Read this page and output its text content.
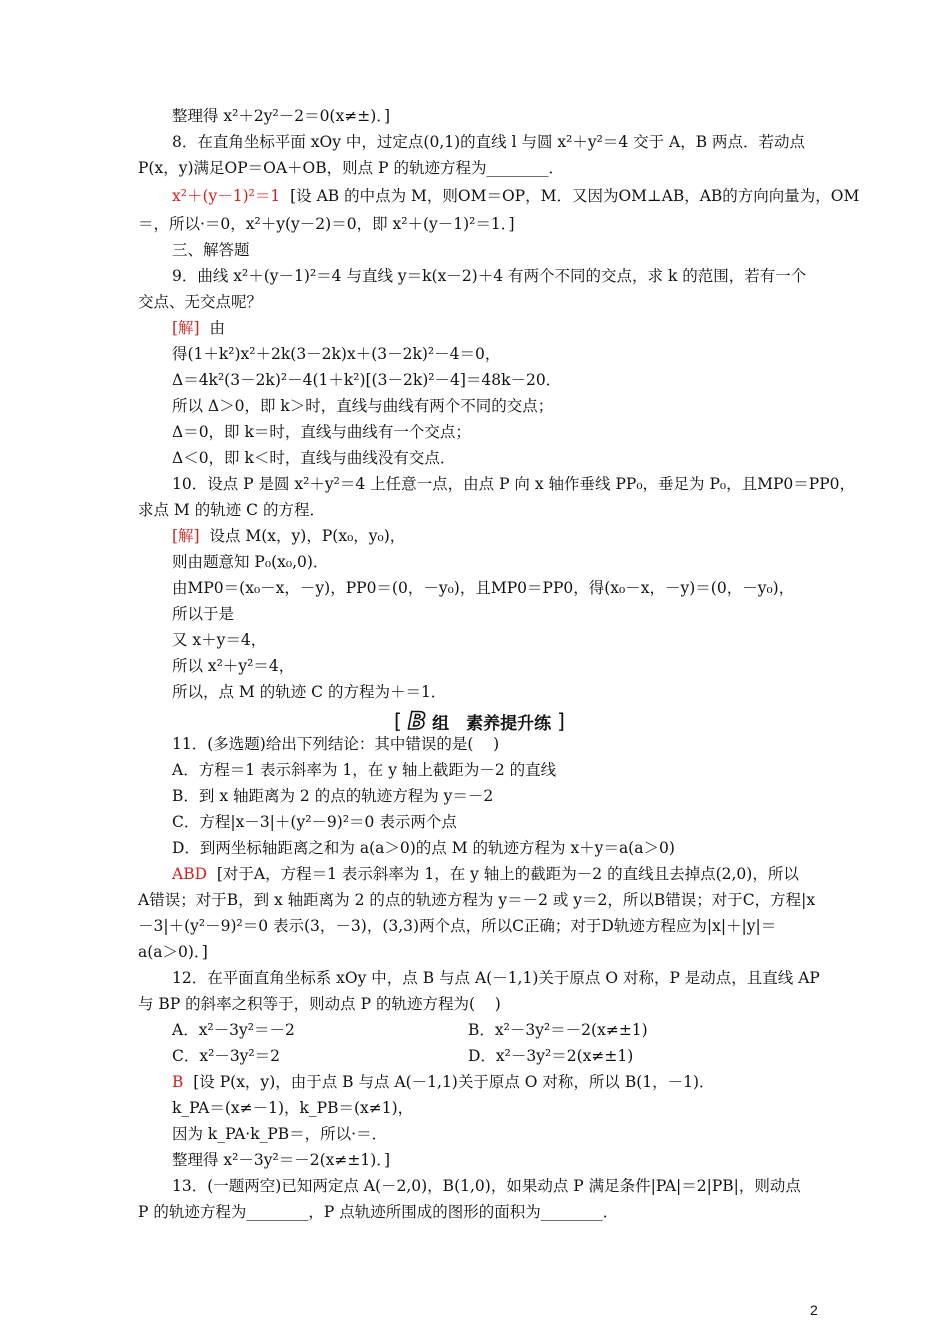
整理得 x²＋2y²－2＝0(x≠±)．]
8．在直角坐标平面 xOy 中，过定点(0,1)的直线 l 与圆 x²＋y²＝4 交于 A，B 两点．若动点
P(x，y)满足OP＝OA＋OB，则点 P 的轨迹方程为________．
x²＋(y－1)²＝1  [设 AB 的中点为 M，则OM＝OP，M．又因为OM⊥AB，AB的方向向量为，OM
＝，所以·＝0，x²＋y(y－2)＝0，即 x²＋(y－1)²＝1．]
三、解答题
9．曲线 x²＋(y－1)²＝4 与直线 y＝k(x－2)＋4 有两个不同的交点，求 k 的范围，若有一个
交点、无交点呢？
[解]  由
得(1＋k²)x²＋2k(3－2k)x＋(3－2k)²－4＝0，
Δ＝4k²(3－2k)²－4(1＋k²)[(3－2k)²－4]＝48k－20．
所以 Δ＞0，即 k＞时，直线与曲线有两个不同的交点；
Δ＝0，即 k＝时，直线与曲线有一个交点；
Δ＜0，即 k＜时，直线与曲线没有交点．
10．设点 P 是圆 x²＋y²＝4 上任意一点，由点 P 向 x 轴作垂线 PP₀，垂足为 P₀，且MP0＝PP0，
求点 M 的轨迹 C 的方程．
[解]  设点 M(x，y)，P(x₀，y₀)，
则由题意知 P₀(x₀,0)．
由MP0＝(x₀－x，－y)，PP0＝(0，－y₀)，且MP0＝PP0，得(x₀－x，－y)＝(0，－y₀)，
所以于是
又 x＋y＝4，
所以 x²＋y²＝4，
所以，点 M 的轨迹 C 的方程为＋＝1．
11．(多选题)给出下列结论：其中错误的是(    )
A．方程＝1 表示斜率为 1，在 y 轴上截距为－2 的直线
B．到 x 轴距离为 2 的点的轨迹方程为 y＝－2
C．方程|x－3|＋(y²－9)²＝0 表示两个点
D．到两坐标轴距离之和为 a(a＞0)的点 M 的轨迹方程为 x＋y＝a(a＞0)
ABD  [对于A，方程＝1 表示斜率为 1，在 y 轴上的截距为－2 的直线且去掉点(2,0)，所以
A错误；对于B，到 x 轴距离为 2 的点的轨迹方程为 y＝－2 或 y＝2，所以B错误；对于C，方程|x
－3|＋(y²－9)²＝0 表示(3，－3)，(3,3)两个点，所以C正确；对于D轨迹方程应为|x|＋|y|＝
a(a＞0)．]
12．在平面直角坐标系 xOy 中，点 B 与点 A(－1,1)关于原点 O 对称，P 是动点，且直线 AP
与 BP 的斜率之积等于，则动点 P 的轨迹方程为(    )
A．x²－3y²＝－2	B．x²－3y²＝－2(x≠±1)
C．x²－3y²＝2	D．x²－3y²＝2(x≠±1)
B  [设 P(x，y)，由于点 B 与点 A(－1,1)关于原点 O 对称，所以 B(1，－1)．
k_PA＝(x≠－1)，k_PB＝(x≠1)，
因为 k_PA·k_PB＝，所以·＝．
整理得 x²－3y²＝－2(x≠±1)．]
13．(一题两空)已知两定点 A(－2,0)，B(1,0)，如果动点 P 满足条件|PA|＝2|PB|，则动点
P 的轨迹方程为________，P 点轨迹所围成的图形的面积为________．
[ B 组　素养提升练 ]
2
